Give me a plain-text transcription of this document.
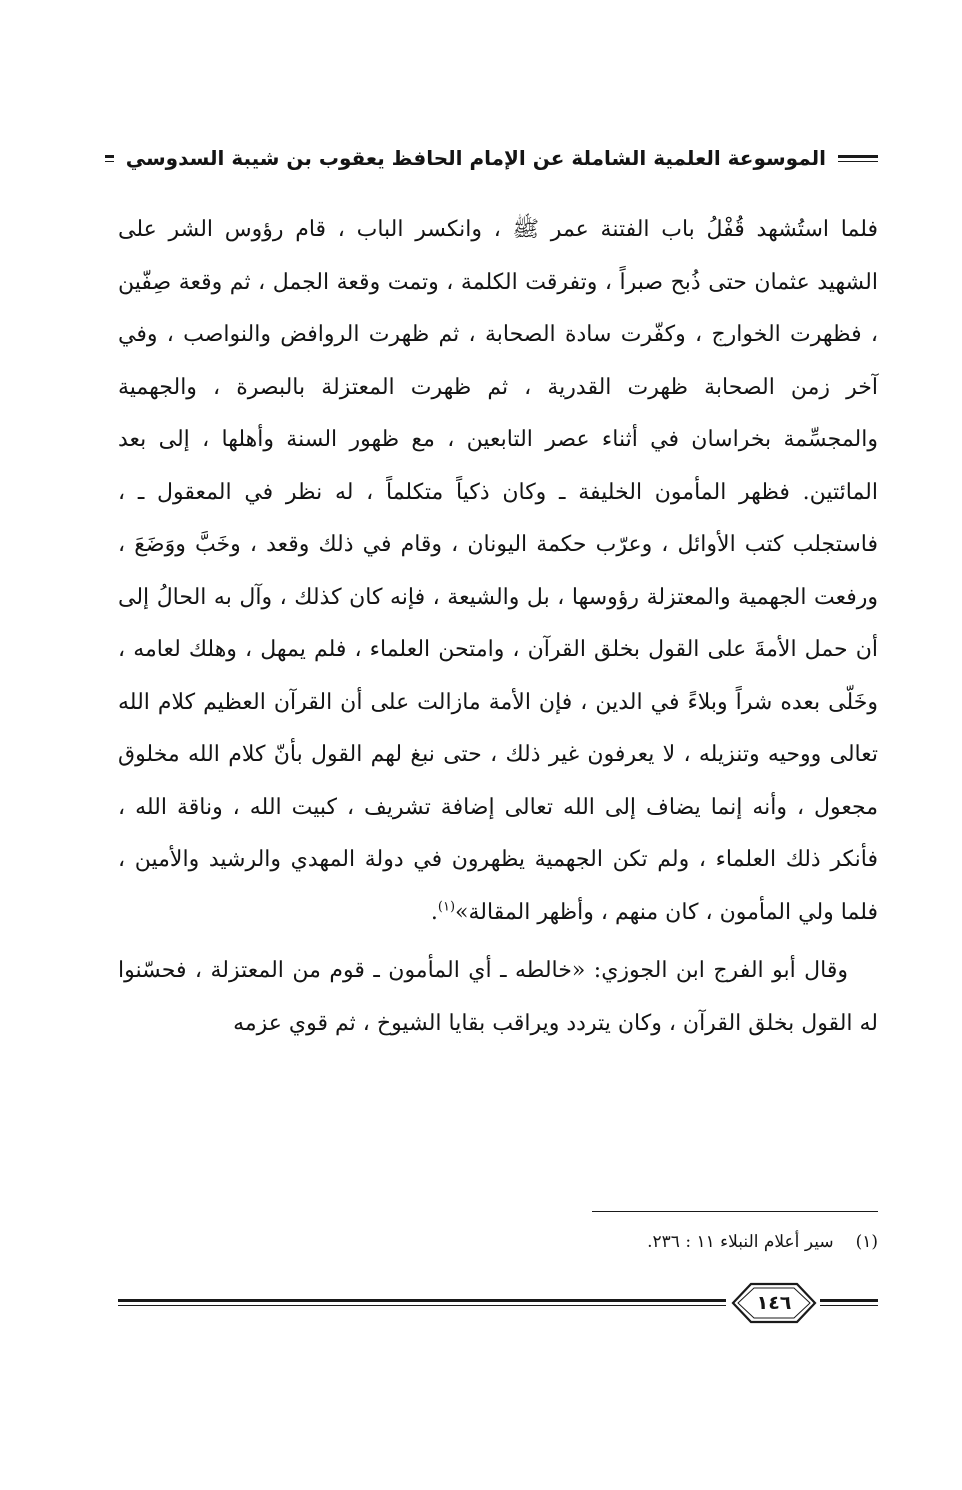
الموسوعة العلمية الشاملة عن الإمام الحافظ يعقوب بن شيبة السدوسي

فلما استُشهد قُفْلُ باب الفتنة عمر ﷺ ، وانكسر الباب ، قام رؤوس الشر على الشهيد عثمان حتى ذُبح صبراً ، وتفرقت الكلمة ، وتمت وقعة الجمل ، ثم وقعة صِفّين ، فظهرت الخوارج ، وكفّرت سادة الصحابة ، ثم ظهرت الروافض والنواصب ، وفي آخر زمن الصحابة ظهرت القدرية ، ثم ظهرت المعتزلة بالبصرة ، والجهمية والمجسِّمة بخراسان في أثناء عصر التابعين ، مع ظهور السنة وأهلها ، إلى بعد المائتين. فظهر المأمون الخليفة ـ وكان ذكياً متكلماً ، له نظر في المعقول ـ ، فاستجلب كتب الأوائل ، وعرّب حكمة اليونان ، وقام في ذلك وقعد ، وخَبَّ ووَضَعَ ، ورفعت الجهمية والمعتزلة رؤوسها ، بل والشيعة ، فإنه كان كذلك ، وآل به الحالُ إلى أن حمل الأمةَ على القول بخلق القرآن ، وامتحن العلماء ، فلم يمهل ، وهلك لعامه ، وخَلّى بعده شراً وبلاءً في الدين ، فإن الأمة مازالت على أن القرآن العظيم كلام الله تعالى ووحيه وتنزيله ، لا يعرفون غير ذلك ، حتى نبغ لهم القول بأنّ كلام الله مخلوق مجعول ، وأنه إنما يضاف إلى الله تعالى إضافة تشريف ، كبيت الله ، وناقة الله ، فأنكر ذلك العلماء ، ولم تكن الجهمية يظهرون في دولة المهدي والرشيد والأمين ، فلما ولي المأمون ، كان منهم ، وأظهر المقالة»$^{(١)}$.

وقال أبو الفرج ابن الجوزي: «خالطه ـ أي المأمون ـ قوم من المعتزلة ، فحسّنوا له القول بخلق القرآن ، وكان يتردد ويراقب بقايا الشيوخ ، ثم قوي عزمه

(١)سير أعلام النبلاء ١١ : ٢٣٦.
١٤٦
